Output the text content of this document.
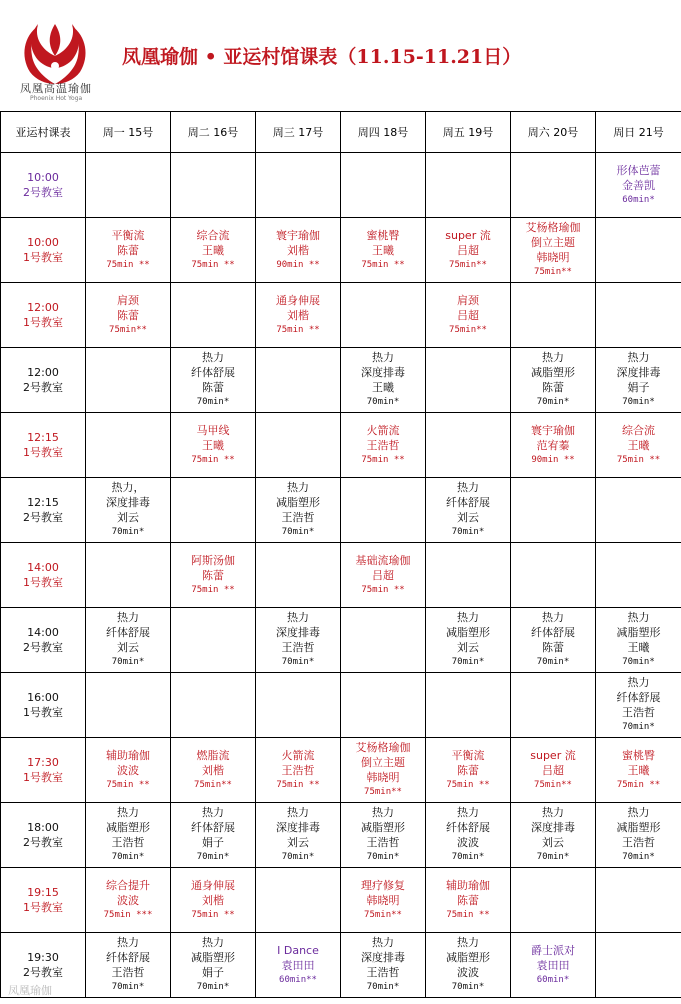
凤凰高温瑜伽
Phoenix Hot Yoga
凤凰瑜伽 • 亚运村馆课表（11.15-11.21日）
亚运村课表	周一 15号	周二 16号	周三 17号	周四 18号	周五 19号	周六 20号	周日 21号

10:00
2号教室							形体芭蕾
金善凯
60min*

10:00
1号教室	平衡流
陈蕾
75min **	综合流
王曦
75min **	寰宇瑜伽
刘楷
90min **	蜜桃臀
王曦
75min **	super 流
吕超
75min**	艾杨格瑜伽
倒立主题
韩晓明
75min**	

12:00
1号教室	肩颈
陈蕾
75min**		通身伸展
刘楷
75min **		肩颈
吕超
75min**		

12:00
2号教室		热力
纤体舒展
陈蕾
70min*		热力
深度排毒
王曦
70min*		热力
减脂塑形
陈蕾
70min*	热力
深度排毒
娟子
70min*

12:15
1号教室		马甲线
王曦
75min **		火箭流
王浩哲
75min **		寰宇瑜伽
范宥蓁
90min **	综合流
王曦
75min **

12:15
2号教室	热力，
深度排毒
刘云
70min*		热力
减脂塑形
王浩哲
70min*		热力
纤体舒展
刘云
70min*		

14:00
1号教室		阿斯汤伽
陈蕾
75min **		基础流瑜伽
吕超
75min **			

14:00
2号教室	热力
纤体舒展
刘云
70min*		热力
深度排毒
王浩哲
70min*		热力
减脂塑形
刘云
70min*	热力
纤体舒展
陈蕾
70min*	热力
减脂塑形
王曦
70min*

16:00
1号教室							热力
纤体舒展
王浩哲
70min*

17:30
1号教室	辅助瑜伽
波波
75min **	燃脂流
刘楷
75min**	火箭流
王浩哲
75min **	艾杨格瑜伽
倒立主题
韩晓明
75min**	平衡流
陈蕾
75min **	super 流
吕超
75min**	蜜桃臀
王曦
75min **

18:00
2号教室	热力
减脂塑形
王浩哲
70min*	热力
纤体舒展
娟子
70min*	热力
深度排毒
刘云
70min*	热力
减脂塑形
王浩哲
70min*	热力
纤体舒展
波波
70min*	热力
深度排毒
刘云
70min*	热力
减脂塑形
王浩哲
70min*

19:15
1号教室	综合提升
波波
75min ***	通身伸展
刘楷
75min **		理疗修复
韩晓明
75min**	辅助瑜伽
陈蕾
75min **		

19:30
2号教室	热力
纤体舒展
王浩哲
70min*	热力
减脂塑形
娟子
70min*	I Dance
袁田田
60min**	热力
深度排毒
王浩哲
70min*	热力
减脂塑形
波波
70min*	爵士派对
袁田田
60min*	

凤凰瑜伽
